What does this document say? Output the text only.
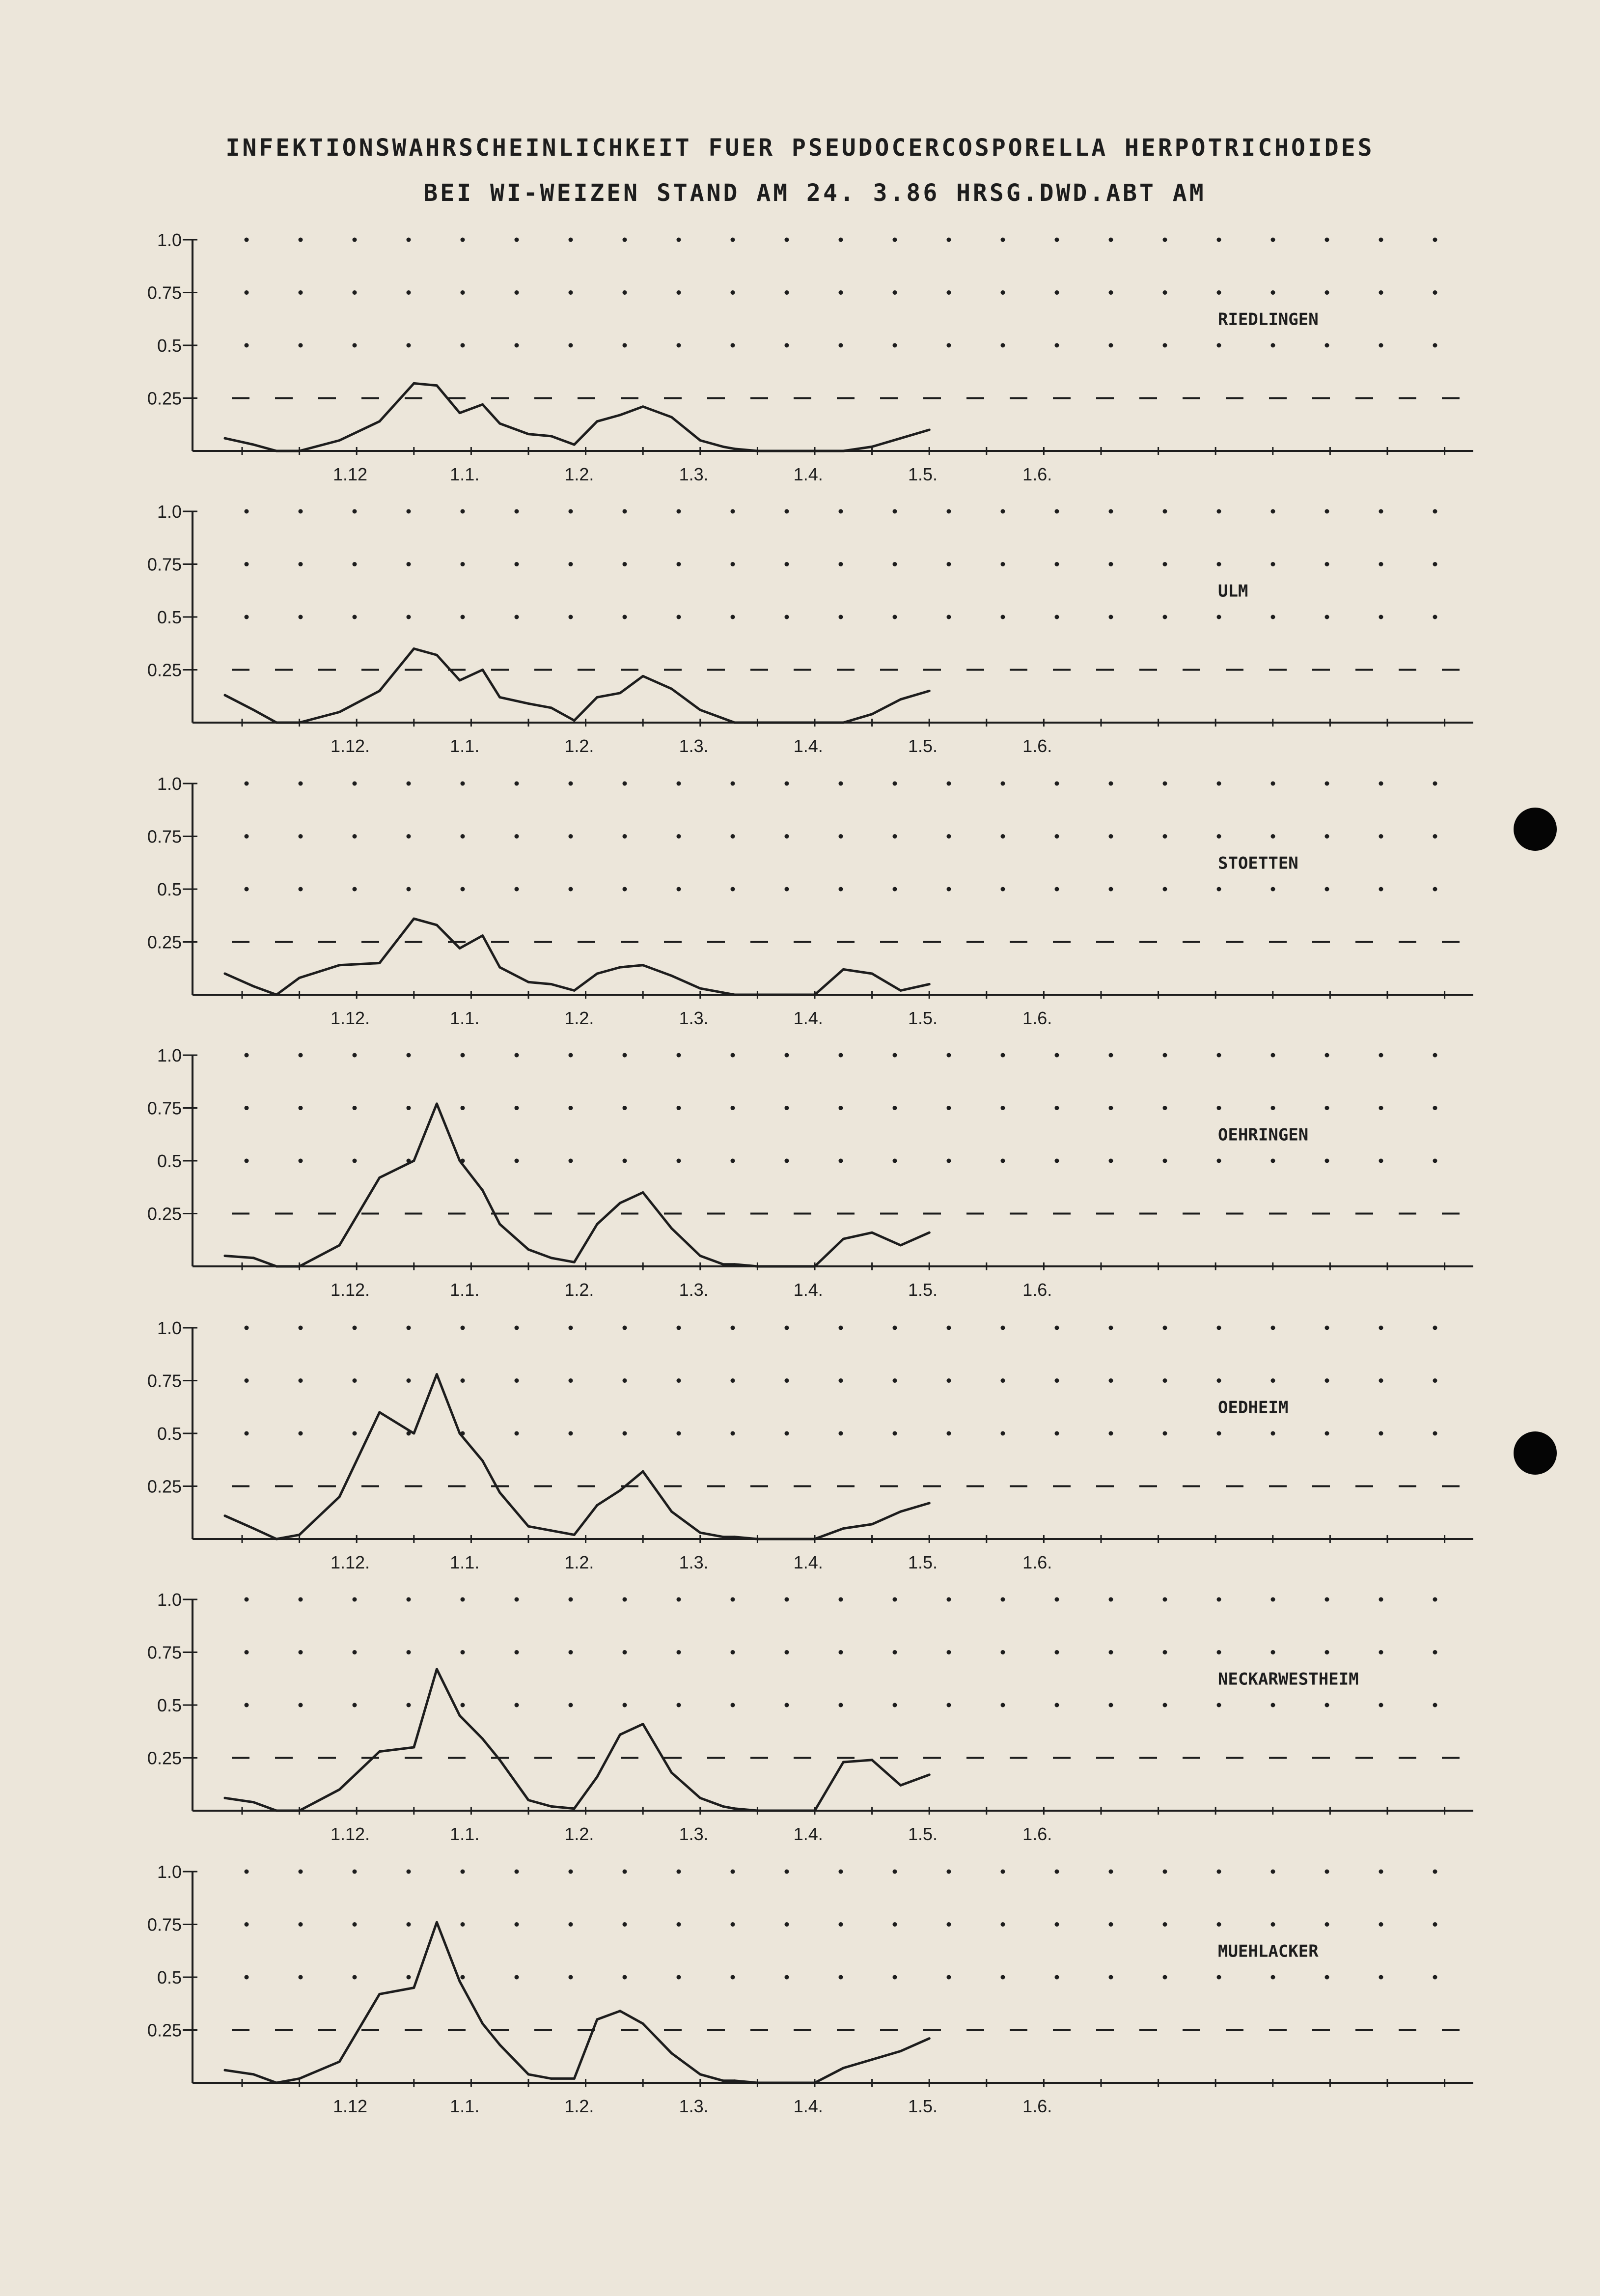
INFEKTIONSWAHRSCHEINLICHKEIT FUER PSEUDOCERCOSPORELLA HERPOTRICHOIDES
BEI WI-WEIZEN STAND AM 24. 3.86 HRSG.DWD.ABT AM
1.0
0.75
0.5
0.25
1.12	1.1.	1.2.	1.3.	1.4.	1.5.	1.6.
RIEDLINGEN
1.0
0.75
0.5
0.25
1.12.	1.1.	1.2.	1.3.	1.4.	1.5.	1.6.
ULM
1.0
0.75
0.5
0.25
1.12.	1.1.	1.2.	1.3.	1.4.	1.5.	1.6.
STOETTEN
1.0
0.75
0.5
0.25
1.12.	1.1.	1.2.	1.3.	1.4.	1.5.	1.6.
OEHRINGEN
1.0
0.75
0.5
0.25
1.12.	1.1.	1.2.	1.3.	1.4.	1.5.	1.6.
OEDHEIM
1.0
0.75
0.5
0.25
1.12.	1.1.	1.2.	1.3.	1.4.	1.5.	1.6.
NECKARWESTHEIM
1.0
0.75
0.5
0.25
1.12	1.1.	1.2.	1.3.	1.4.	1.5.	1.6.
MUEHLACKER
